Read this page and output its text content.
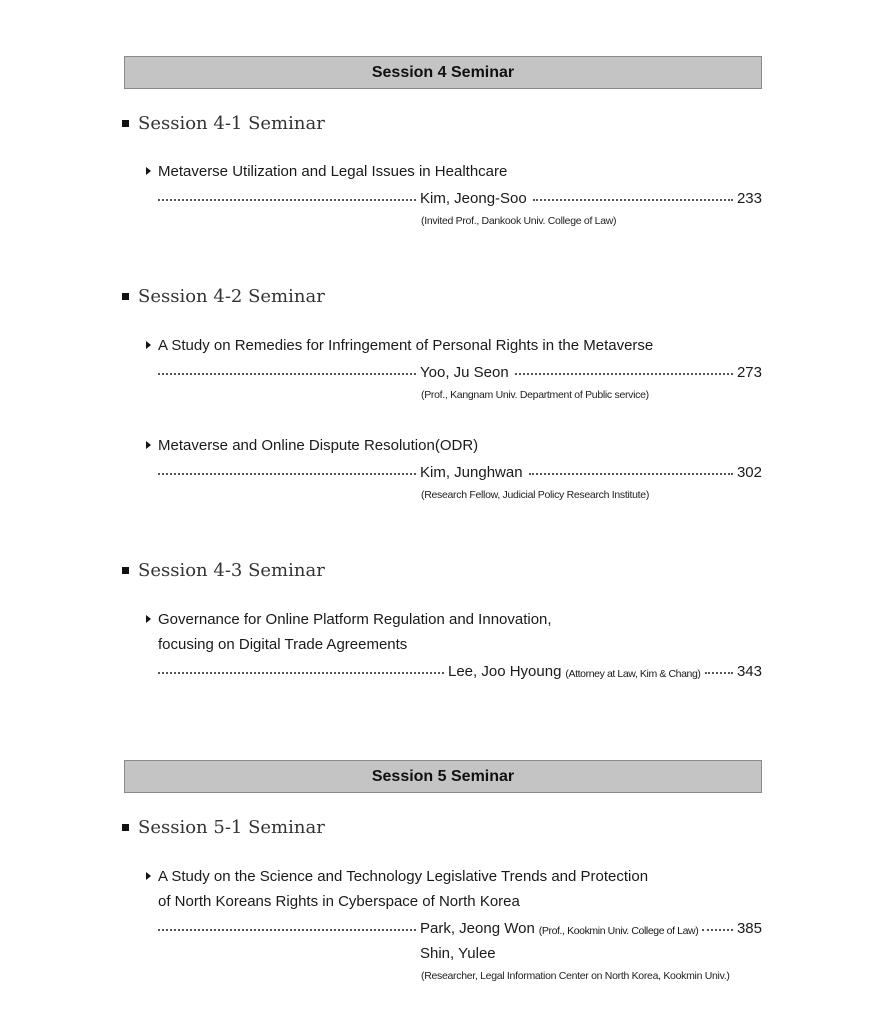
Session 4 Seminar
Session 4-1 Seminar
Metaverse Utilization and Legal Issues in Healthcare
Kim, Jeong-Soo	233
(Invited Prof., Dankook Univ. College of Law)
Session 4-2 Seminar
A Study on Remedies for Infringement of Personal Rights in the Metaverse
Yoo, Ju Seon	273
(Prof., Kangnam Univ. Department of Public service)
Metaverse and Online Dispute Resolution(ODR)
Kim, Junghwan	302
(Research Fellow, Judicial Policy Research Institute)
Session 4-3 Seminar
Governance for Online Platform Regulation and Innovation,
focusing on Digital Trade Agreements
Lee, Joo Hyoung (Attorney at Law, Kim & Chang) 343
Session 5 Seminar
Session 5-1 Seminar
A Study on the Science and Technology Legislative Trends and Protection
of North Koreans Rights in Cyberspace of North Korea
Park, Jeong Won (Prof., Kookmin Univ. College of Law)	385
Shin, Yulee
(Researcher, Legal Information Center on North Korea, Kookmin Univ.)
